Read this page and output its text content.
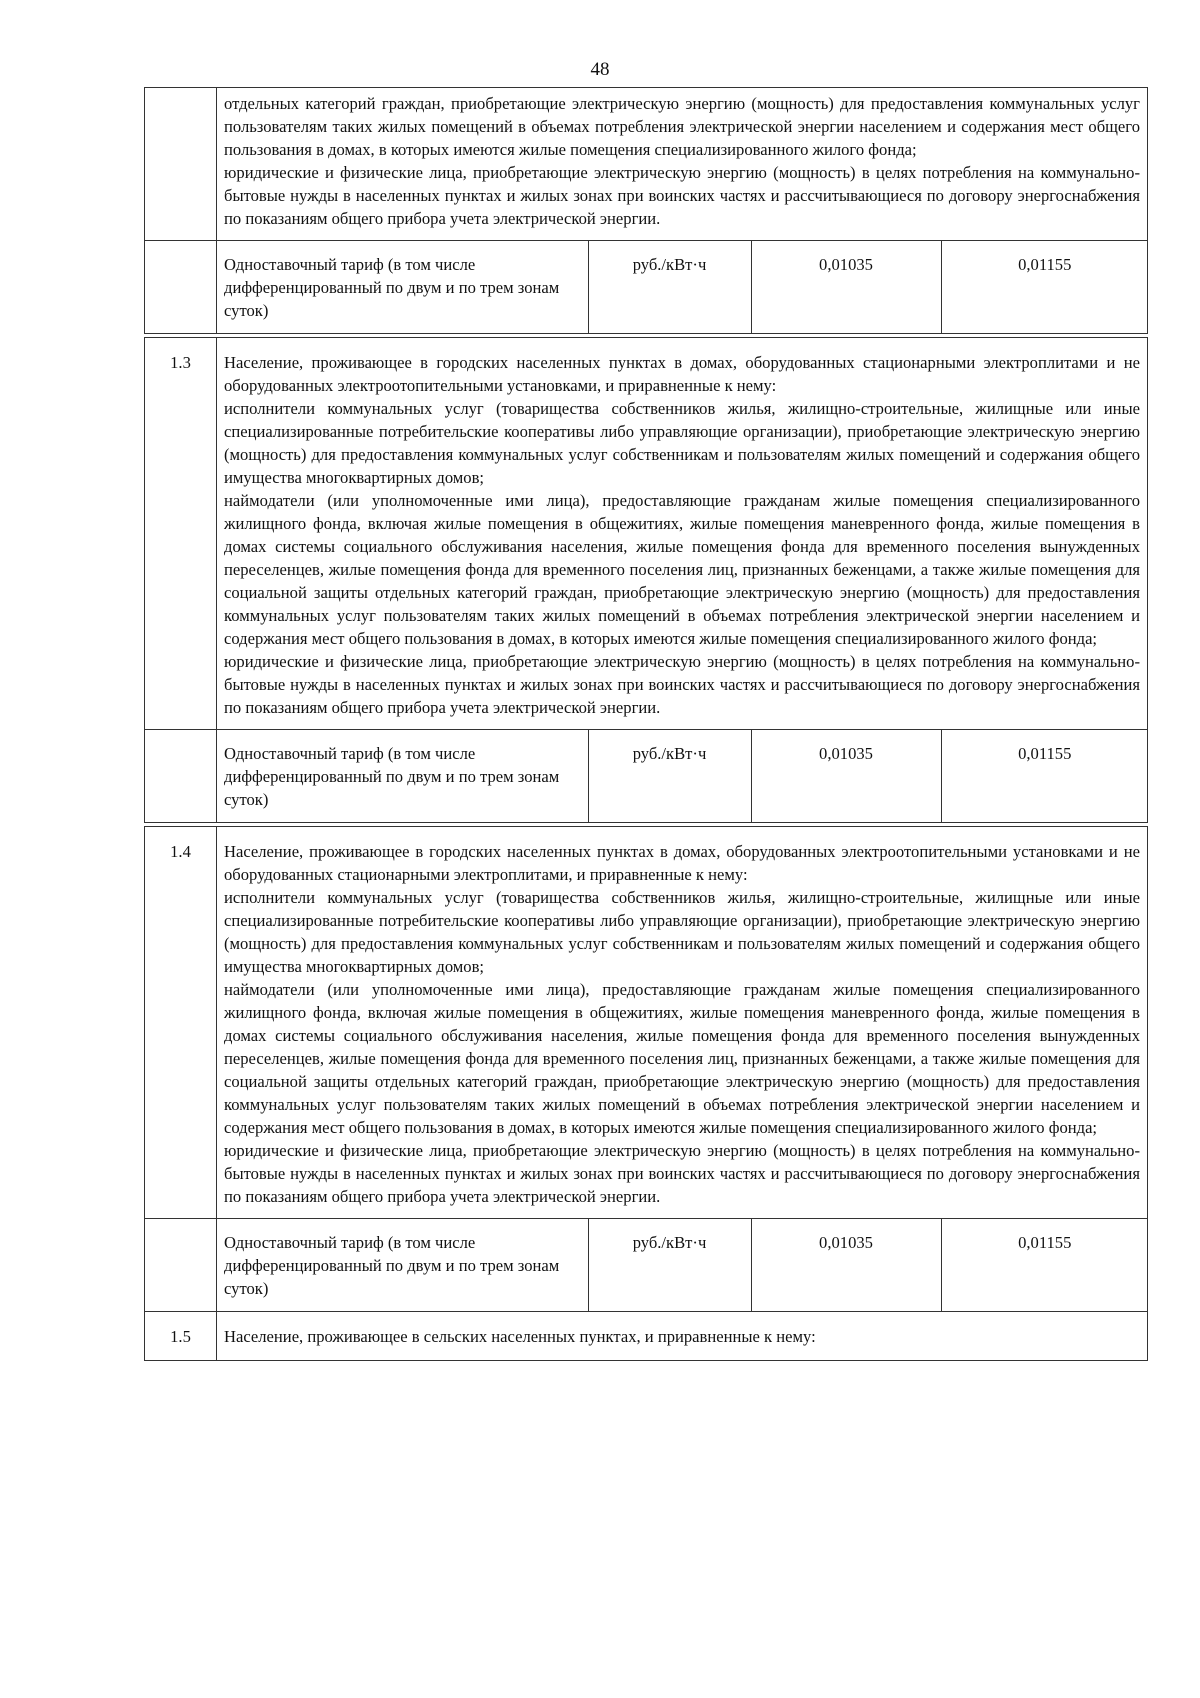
48

отдельных категорий граждан, приобретающие электрическую энергию (мощность) для предоставления коммунальных услуг пользователям таких жилых помещений в объемах потребления электрической энергии населением и содержания мест общего пользования в домах, в которых имеются жилые помещения специализированного жилого фонда;

юридические и физические лица, приобретающие электрическую энергию (мощность) в целях потребления на коммунально-бытовые нужды в населенных пунктах и жилых зонах при воинских частях и рассчитывающиеся по договору энергоснабжения по показаниям общего прибора учета электрической энергии.

Одноставочный тариф (в том числе дифференцированный по двум и по трем зонам суток)	руб./кВт·ч	0,01035	0,01155

1.3	Население, проживающее в городских населенных пунктах в домах, оборудованных стационарными электроплитами и не оборудованных электроотопительными установками, и приравненные к нему:

исполнители коммунальных услуг (товарищества собственников жилья, жилищно-строительные, жилищные или иные специализированные потребительские кооперативы либо управляющие организации), приобретающие электрическую энергию (мощность) для предоставления коммунальных услуг собственникам и пользователям жилых помещений и содержания общего имущества многоквартирных домов;

наймодатели (или уполномоченные ими лица), предоставляющие гражданам жилые помещения специализированного жилищного фонда, включая жилые помещения в общежитиях, жилые помещения маневренного фонда, жилые помещения в домах системы социального обслуживания населения, жилые помещения фонда для временного поселения вынужденных переселенцев, жилые помещения фонда для временного поселения лиц, признанных беженцами, а также жилые помещения для социальной защиты отдельных категорий граждан, приобретающие электрическую энергию (мощность) для предоставления коммунальных услуг пользователям таких жилых помещений в объемах потребления электрической энергии населением и содержания мест общего пользования в домах, в которых имеются жилые помещения специализированного жилого фонда;

юридические и физические лица, приобретающие электрическую энергию (мощность) в целях потребления на коммунально-бытовые нужды в населенных пунктах и жилых зонах при воинских частях и рассчитывающиеся по договору энергоснабжения по показаниям общего прибора учета электрической энергии.

Одноставочный тариф (в том числе дифференцированный по двум и по трем зонам суток)	руб./кВт·ч	0,01035	0,01155

1.4	Население, проживающее в городских населенных пунктах в домах, оборудованных электроотопительными установками и не оборудованных стационарными электроплитами, и приравненные к нему:

исполнители коммунальных услуг (товарищества собственников жилья, жилищно-строительные, жилищные или иные специализированные потребительские кооперативы либо управляющие организации), приобретающие электрическую энергию (мощность) для предоставления коммунальных услуг собственникам и пользователям жилых помещений и содержания общего имущества многоквартирных домов;

наймодатели (или уполномоченные ими лица), предоставляющие гражданам жилые помещения специализированного жилищного фонда, включая жилые помещения в общежитиях, жилые помещения маневренного фонда, жилые помещения в домах системы социального обслуживания населения, жилые помещения фонда для временного поселения вынужденных переселенцев, жилые помещения фонда для временного поселения лиц, признанных беженцами, а также жилые помещения для социальной защиты отдельных категорий граждан, приобретающие электрическую энергию (мощность) для предоставления коммунальных услуг пользователям таких жилых помещений в объемах потребления электрической энергии населением и содержания мест общего пользования в домах, в которых имеются жилые помещения специализированного жилого фонда;

юридические и физические лица, приобретающие электрическую энергию (мощность) в целях потребления на коммунально-бытовые нужды в населенных пунктах и жилых зонах при воинских частях и рассчитывающиеся по договору энергоснабжения по показаниям общего прибора учета электрической энергии.

Одноставочный тариф (в том числе дифференцированный по двум и по трем зонам суток)	руб./кВт·ч	0,01035	0,01155

1.5	Население, проживающее в сельских населенных пунктах, и приравненные к нему:
